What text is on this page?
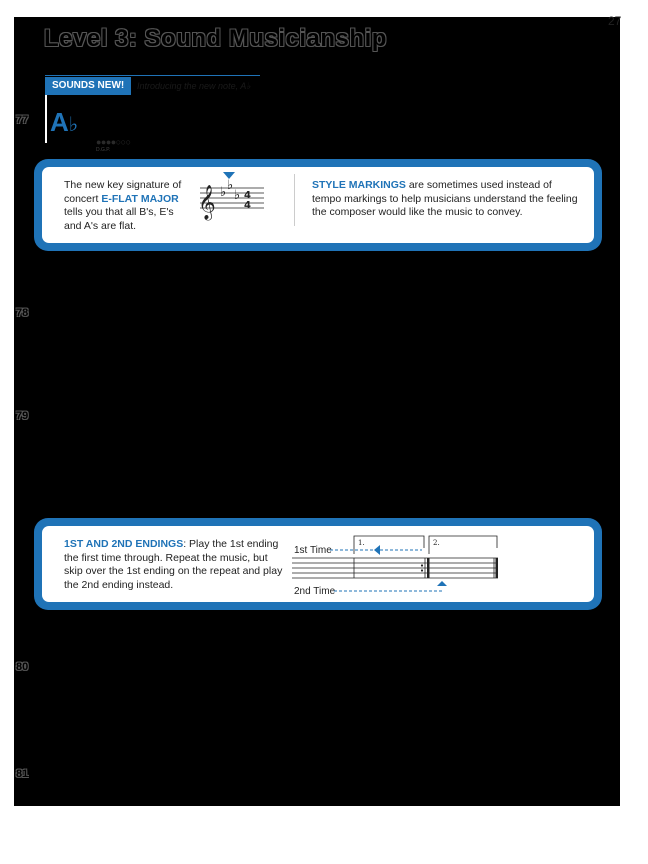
27
Level 3: Sound Musicianship
SOUNDS NEW!	Introducing the new note, A♭
A♭
●●●●○○○
D.G.P.
77
78
79
80
81
The new key signature of
concert E-FLAT MAJOR
tells you that all B's, E's
and A's are flat.
𝄞 ♭ ♭
♭ 4
4
STYLE MARKINGS are sometimes used instead of
tempo markings to help musicians understand the feeling
the composer would like the music to convey.
1ST AND 2ND ENDINGS: Play the 1st ending
the first time through. Repeat the music, but
skip over the 1st ending on the repeat and play
the 2nd ending instead.
1st Time
1.	2.
2nd Time
